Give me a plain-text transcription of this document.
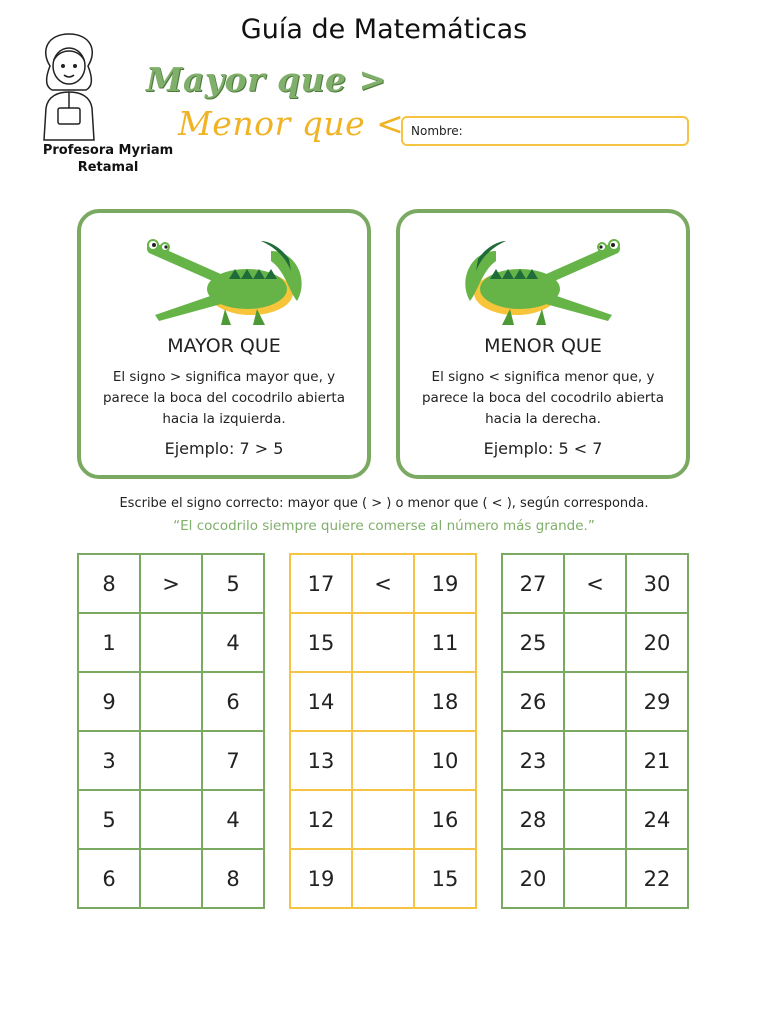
Guía de Matemáticas
Profesora Myriam Retamal
Mayor que >
Menor que < Nombre:
MAYOR QUE
El signo > significa mayor que, y parece la boca del cocodrilo abierta hacia la izquierda.
Ejemplo: 7 > 5
MENOR QUE
El signo < significa menor que, y parece la boca del cocodrilo abierta hacia la derecha.
Ejemplo: 5 < 7
Escribe el signo correcto: mayor que ( > ) o menor que ( < ), según corresponda.
“El cocodrilo siempre quiere comerse al número más grande.”
8	>	5
1		4
9		6
3		7
5		4
6		8
17	<	19
15		11
14		18
13		10
12		16
19		15
27	<	30
25		20
26		29
23		21
28		24
20		22
